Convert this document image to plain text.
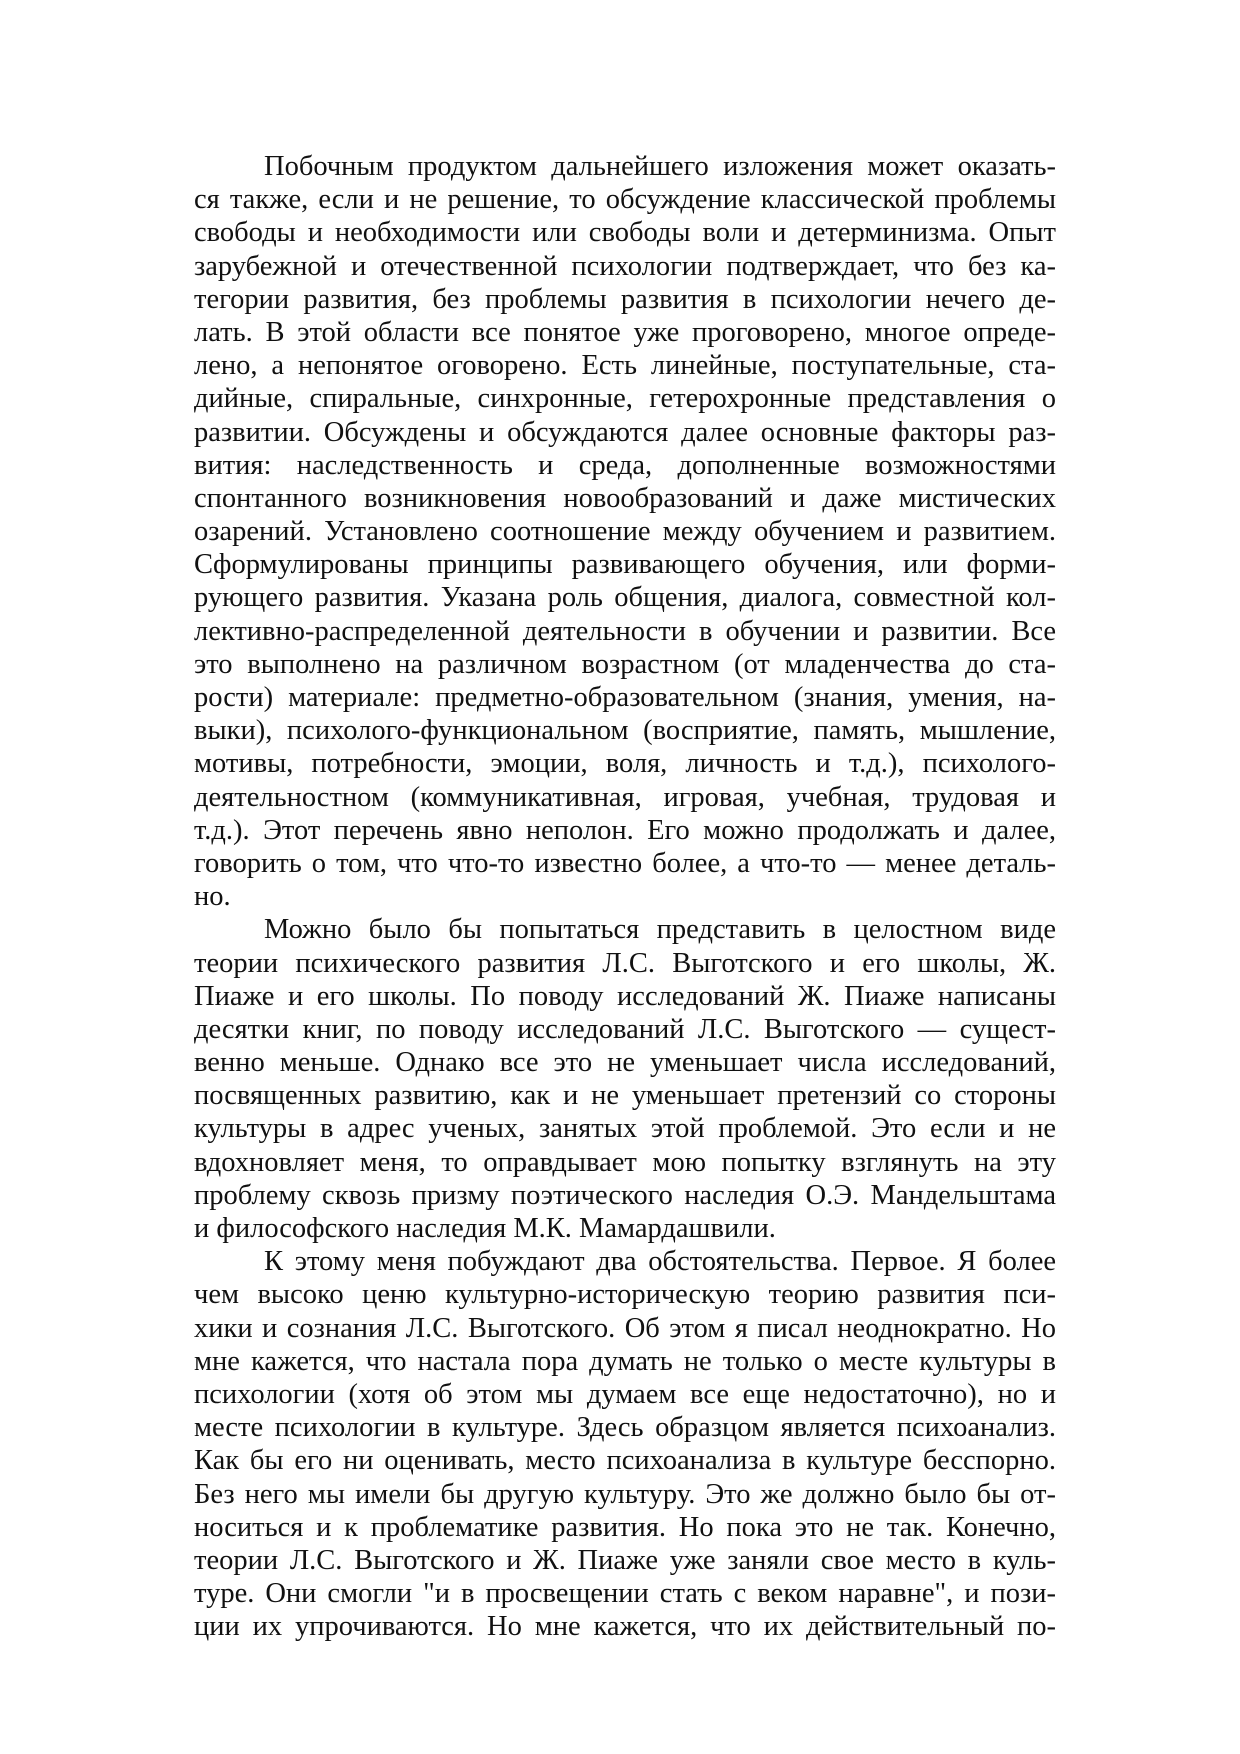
Побочным продуктом дальнейшего изложения может оказать-
ся также, если и не решение, то обсуждение классической проблемы
свободы и необходимости или свободы воли и детерминизма. Опыт
зарубежной и отечественной психологии подтверждает, что без ка-
тегории развития, без проблемы развития в психологии нечего де-
лать. В этой области все понятое уже проговорено, многое опреде-
лено, а непонятое оговорено. Есть линейные, поступательные, ста-
дийные, спиральные, синхронные, гетерохронные представления о
развитии. Обсуждены и обсуждаются далее основные факторы раз-
вития: наследственность и среда, дополненные возможностями
спонтанного возникновения новообразований и даже мистических
озарений. Установлено соотношение между обучением и развитием.
Сформулированы принципы развивающего обучения, или форми-
рующего развития. Указана роль общения, диалога, совместной кол-
лективно-распределенной деятельности в обучении и развитии. Все
это выполнено на различном возрастном (от младенчества до ста-
рости) материале: предметно-образовательном (знания, умения, на-
выки), психолого-функциональном (восприятие, память, мышление,
мотивы, потребности, эмоции, воля, личность и т.д.), психолого-
деятельностном (коммуникативная, игровая, учебная, трудовая и
т.д.). Этот перечень явно неполон. Его можно продолжать и далее,
говорить о том, что что-то известно более, а что-то — менее деталь-
но.
Можно было бы попытаться представить в целостном виде
теории психического развития Л.С. Выготского и его школы, Ж.
Пиаже и его школы. По поводу исследований Ж. Пиаже написаны
десятки книг, по поводу исследований Л.С. Выготского — сущест-
венно меньше. Однако все это не уменьшает числа исследований,
посвященных развитию, как и не уменьшает претензий со стороны
культуры в адрес ученых, занятых этой проблемой. Это если и не
вдохновляет меня, то оправдывает мою попытку взглянуть на эту
проблему сквозь призму поэтического наследия О.Э. Мандельштама
и философского наследия М.К. Мамардашвили.
К этому меня побуждают два обстоятельства. Первое. Я более
чем высоко ценю культурно-историческую теорию развития пси-
хики и сознания Л.С. Выготского. Об этом я писал неоднократно. Но
мне кажется, что настала пора думать не только о месте культуры в
психологии (хотя об этом мы думаем все еще недостаточно), но и
месте психологии в культуре. Здесь образцом является психоанализ.
Как бы его ни оценивать, место психоанализа в культуре бесспорно.
Без него мы имели бы другую культуру. Это же должно было бы от-
носиться и к проблематике развития. Но пока это не так. Конечно,
теории Л.С. Выготского и Ж. Пиаже уже заняли свое место в куль-
туре. Они смогли "и в просвещении стать с веком наравне", и пози-
ции их упрочиваются. Но мне кажется, что их действительный по-
